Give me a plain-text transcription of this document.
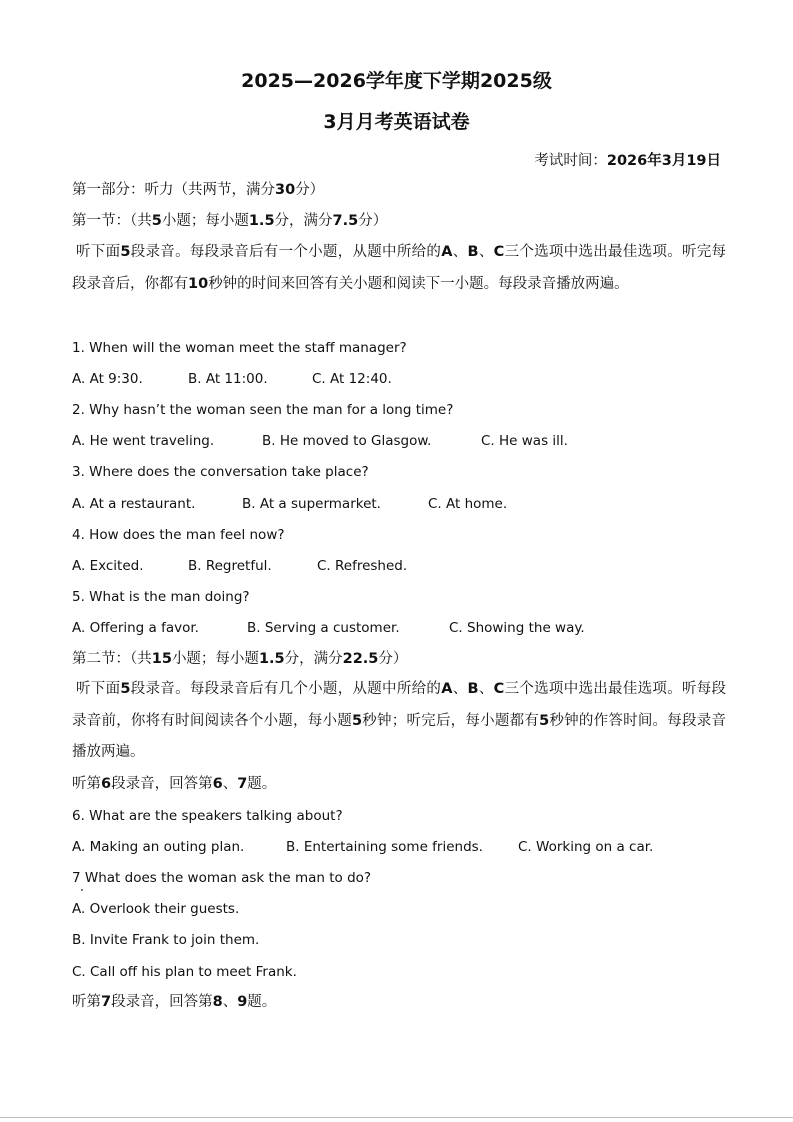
2025—2026学年度下学期2025级
3月月考英语试卷
考试时间：2026年3月19日
第一部分：听力（共两节，满分30分）
第一节：（共5小题；每小题1.5分，满分7.5分）
听下面5段录音。每段录音后有一个小题，从题中所给的A、B、C三个选项中选出最佳选项。听完每段录音后，你都有10秒钟的时间来回答有关小题和阅读下一小题。每段录音播放两遍。
1. When will the woman meet the staff manager?
A. At 9:30.	B. At 11:00.	C. At 12:40.
2. Why hasn’t the woman seen the man for a long time?
A. He went traveling.	B. He moved to Glasgow.	C. He was ill.
3. Where does the conversation take place?
A. At a restaurant.	B. At a supermarket.	C. At home.
4. How does the man feel now?
A. Excited.	B. Regretful.	C. Refreshed.
5. What is the man doing?
A. Offering a favor.	B. Serving a customer.	C. Showing the way.
第二节：（共15小题；每小题1.5分，满分22.5分）
听下面5段录音。每段录音后有几个小题，从题中所给的A、B、C三个选项中选出最佳选项。听每段录音前，你将有时间阅读各个小题，每小题5秒钟；听完后，每小题都有5秒钟的作答时间。每段录音播放两遍。
听第6段录音，回答第6、7题。
6. What are the speakers talking about?
A. Making an outing plan.	B. Entertaining some friends.	C. Working on a car.
7 What does the woman ask the man to do?
A. Overlook their guests.
B. Invite Frank to join them.
C. Call off his plan to meet Frank.
听第7段录音，回答第8、9题。
